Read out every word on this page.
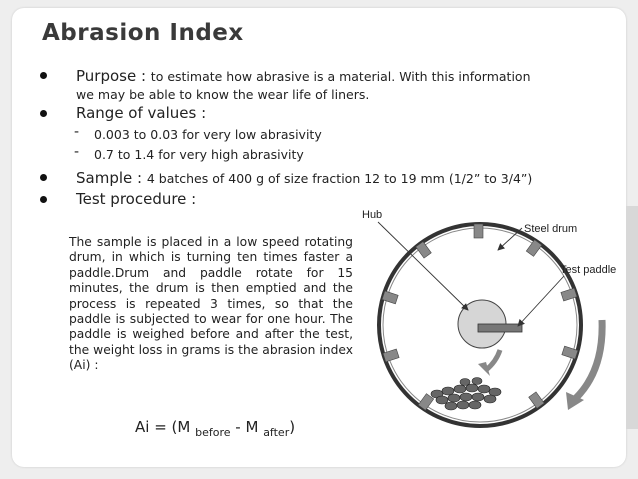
Abrasion Index
Purpose : to estimate how abrasive is a material. With this information
we may be able to know the wear life of liners.
Range of values :
- 0.003 to 0.03 for very low abrasivity
- 0.7 to 1.4 for very high abrasivity
Sample : 4 batches of 400 g of size fraction 12 to 19 mm (1/2” to 3/4”)
Test procedure :

The sample is placed in a low speed rotating drum, in which is turning ten times faster a paddle.Drum and paddle rotate for 15 minutes, the drum is then emptied and the process is repeated 3 times, so that the paddle is subjected to wear for one hour. The paddle is weighed before and after the test, the weight loss in grams is the abrasion index (Ai) :

Ai = (M $_{before}$ - M $_{after}$)
Hub
Steel drum
Test paddle
